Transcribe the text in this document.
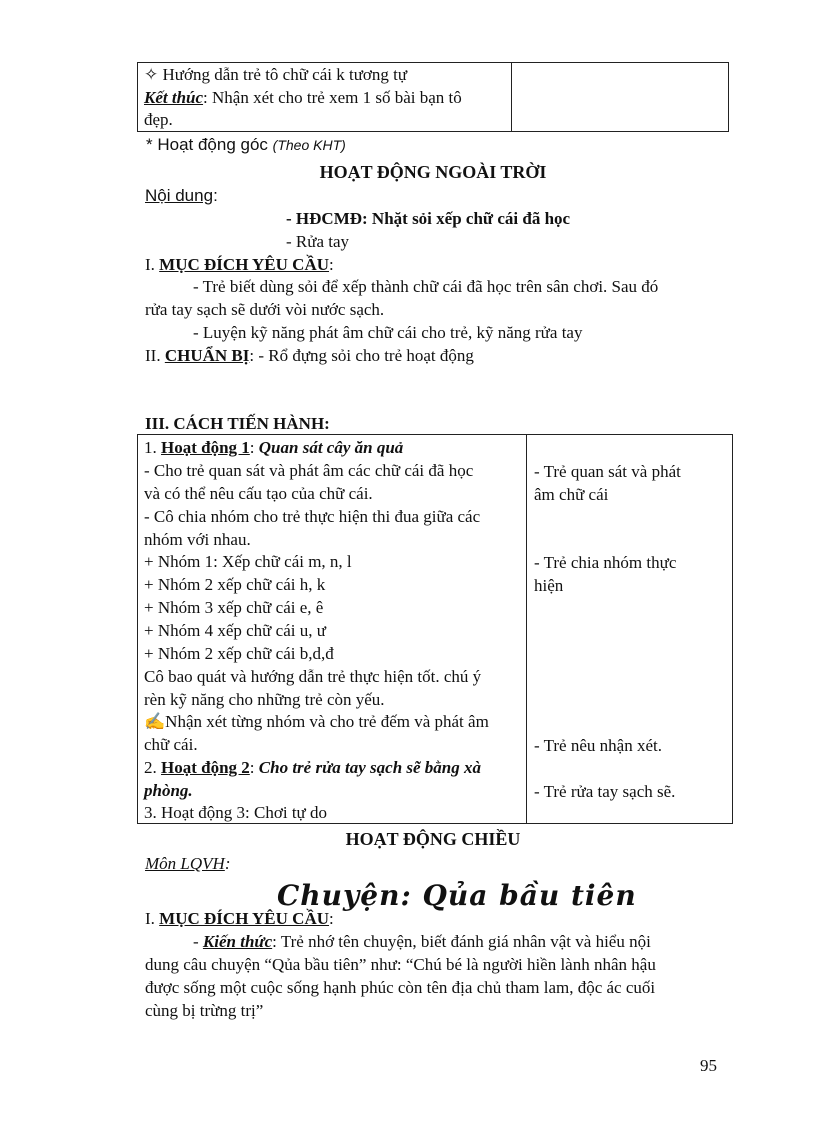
✧ Hướng dẫn trẻ tô chữ cái k tương tự
Kết thúc: Nhận xét cho trẻ xem 1 số bài bạn tô
đẹp.
* Hoạt động góc (Theo KHT)
HOẠT ĐỘNG NGOÀI TRỜI
Nội dung:
- HĐCMĐ: Nhặt sỏi xếp chữ cái đã học
- Rửa tay
I. MỤC ĐÍCH YÊU CẦU:
- Trẻ biết dùng sỏi để xếp thành chữ cái đã học trên sân chơi. Sau đó
rửa tay sạch sẽ dưới vòi nước sạch.
- Luyện kỹ năng phát âm chữ cái cho trẻ, kỹ năng rửa tay
II. CHUẨN BỊ: - Rổ đựng sỏi cho trẻ hoạt động
III. CÁCH TIẾN HÀNH:
1. Hoạt động 1: Quan sát cây ăn quả
- Cho trẻ quan sát và phát âm các chữ cái đã học
và có thể nêu cấu tạo của chữ cái.
- Cô chia nhóm cho trẻ thực hiện thi đua giữa các
nhóm với nhau.
+ Nhóm 1: Xếp chữ cái m, n, l
+ Nhóm 2 xếp chữ cái h, k
+ Nhóm 3 xếp chữ cái e, ê
+ Nhóm 4 xếp chữ cái u, ư
+ Nhóm 2 xếp chữ cái b,d,đ
Cô bao quát và hướng dẫn trẻ thực hiện tốt. chú ý
rèn kỹ năng cho những trẻ còn yếu.
✍Nhận xét từng nhóm và cho trẻ đếm và phát âm
chữ cái.
2. Hoạt động 2: Cho trẻ rửa tay sạch sẽ bằng xà
phòng.
3. Hoạt động 3: Chơi tự do
- Trẻ quan sát và phát
âm chữ cái
- Trẻ chia nhóm thực
hiện
- Trẻ nêu nhận xét.
- Trẻ rửa tay sạch sẽ.
HOẠT ĐỘNG CHIỀU
Môn LQVH:
Chuyện: Qủa bầu tiên
I. MỤC ĐÍCH YÊU CẦU:
- Kiến thức: Trẻ nhớ tên chuyện, biết đánh giá nhân vật và hiểu nội
dung câu chuyện “Qủa bầu tiên” như: “Chú bé là người hiền lành nhân hậu
được sống một cuộc sống hạnh phúc còn tên địa chủ tham lam, độc ác cuối
cùng bị trừng trị”
95
